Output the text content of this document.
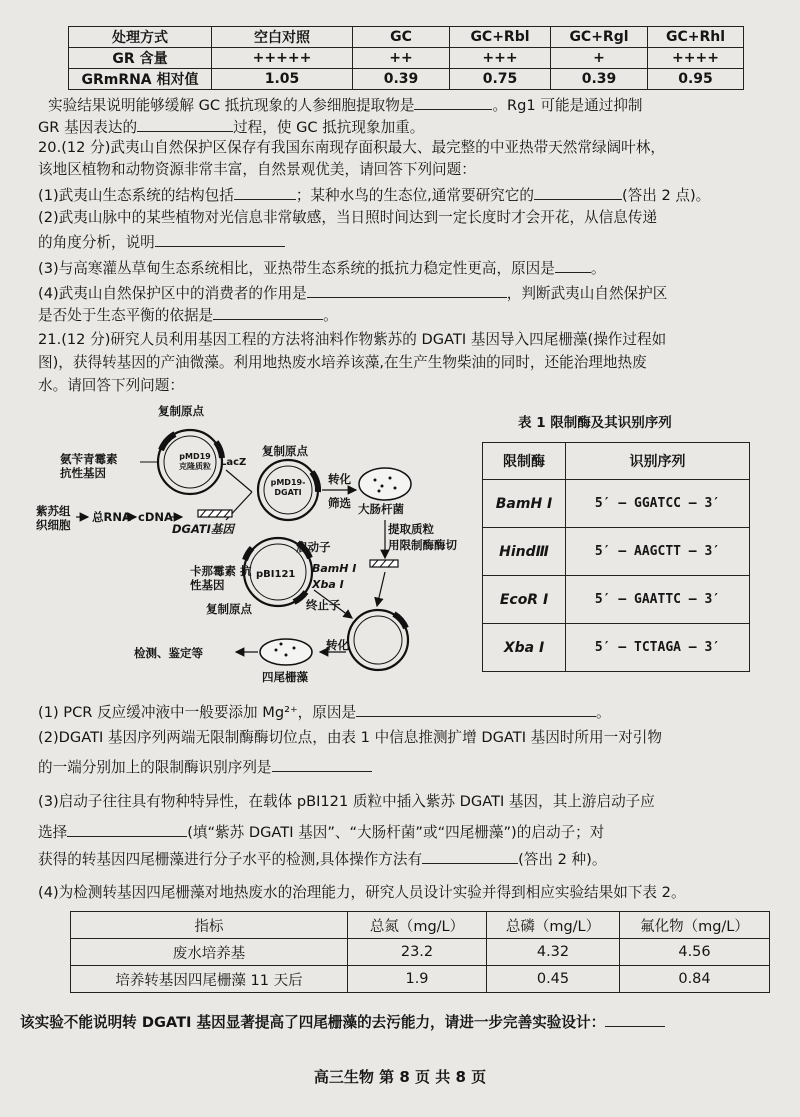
处理方式	空白对照	GC	GC+Rbl	GC+Rgl	GC+Rhl
GR 含量	+++++	++	+++	+	++++
GRmRNA 相对值	1.05	0.39	0.75	0.39	0.95
实验结果说明能够缓解 GC 抵抗现象的人参细胞提取物是	。Rg1 可能是通过抑制
GR 基因表达的	过程，使 GC 抵抗现象加重。
20.(12 分)武夷山自然保护区保存有我国东南现存面积最大、最完整的中亚热带天然常绿阔叶林，
该地区植物和动物资源非常丰富，自然景观优美，请回答下列问题：
(1)武夷山生态系统的结构包括	；某种水鸟的生态位,通常要研究它的	(答出 2 点)。
(2)武夷山脉中的某些植物对光信息非常敏感，当日照时间达到一定长度时才会开花，从信息传递
的角度分析，说明
(3)与高寒灌丛草甸生态系统相比，亚热带生态系统的抵抗力稳定性更高，原因是 。
(4)武夷山自然保护区中的消费者的作用是	，判断武夷山自然保护区
是否处于生态平衡的依据是	。
21.(12 分)研究人员利用基因工程的方法将油料作物紫苏的 DGATI 基因导入四尾栅藻(操作过程如
图)，获得转基因的产油微藻。利用地热废水培养该藻,在生产生物柴油的同时，还能治理地热废
水。请回答下列问题：
复制原点
pMD19 克隆质粒 LacZ
氨苄青霉素 抗性基因
紫苏组 织细胞
总RNA cDNA
DGATI基因
复制原点
pMD19- DGATI
转化
筛选 大肠杆菌
提取质粒
用限制酶酶切
启动子
卡那霉素 抗性基因
pBI121 BamH I
Xba I
终止子
复制原点
转化
检测、鉴定等
四尾栅藻
表 1 限制酶及其识别序列
限制酶	识别序列
BamH I	5′ – GGATCC – 3′
HindⅢ	5′ – AAGCTT – 3′
EcoR I	5′ – GAATTC – 3′
Xba I	5′ – TCTAGA – 3′
(1) PCR 反应缓冲液中一般要添加 Mg²⁺，原因是	。
(2)DGATI 基因序列两端无限制酶酶切位点，由表 1 中信息推测扩增 DGATI 基因时所用一对引物
的一端分别加上的限制酶识别序列是
(3)启动子往往具有物种特异性，在载体 pBI121 质粒中插入紫苏 DGATI 基因，其上游启动子应
选择	(填“紫苏 DGATI 基因”、“大肠杆菌”或“四尾栅藻”)的启动子；对
获得的转基因四尾栅藻进行分子水平的检测,具体操作方法有	(答出 2 种)。
(4)为检测转基因四尾栅藻对地热废水的治理能力，研究人员设计实验并得到相应实验结果如下表 2。
指标	总氮（mg/L）	总磷（mg/L）	氟化物（mg/L）
废水培养基	23.2	4.32	4.56
培养转基因四尾栅藻 11 天后	1.9	0.45	0.84
该实验不能说明转 DGATI 基因显著提高了四尾栅藻的去污能力，请进一步完善实验设计：
高三生物 第 8 页 共 8 页
